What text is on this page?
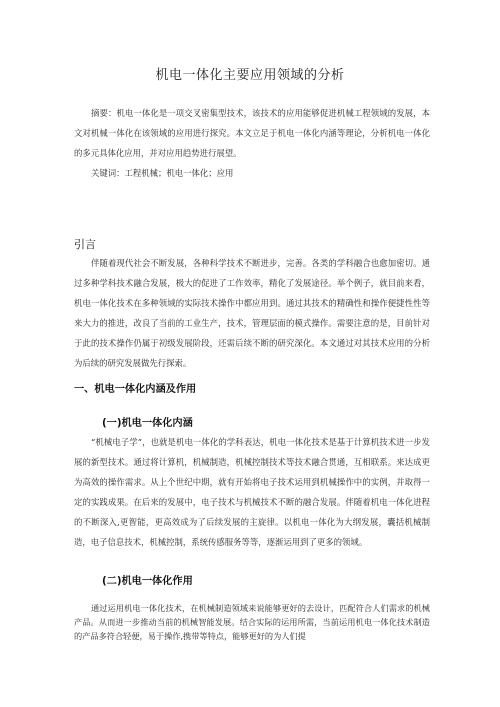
机电一体化主要应用领域的分析

摘要：机电一体化是一项交叉密集型技术，该技术的应用能够促进机械工程领域的发展，本文对机械一体化在该领域的应用进行探究。本文立足于机电一体化内涵等理论，分析机电一体化的多元具体化应用，并对应用趋势进行展望。

关键词：工程机械；机电一体化；应用

引言

伴随着现代社会不断发展，各种科学技术不断进步，完善。各类的学科融合也愈加密切。通过多种学科技术融合发展，极大的促进了工作效率，精化了发展途径。举个例子，就目前来看，机电一体化技术在多种领域的实际技术操作中都应用到。通过其技术的精确性和操作便捷性性等来大力的推进，改良了当前的工业生产，技术，管理层面的模式操作。需要注意的是，目前针对于此的技术操作仍属于初级发展阶段，还需后续不断的研究深化。本文通过对其技术应用的分析为后续的研究发展做先行探索。

一、机电一体化内涵及作用
(一)机电一体化内涵

“机械电子学”，也就是机电一体化的学科表达，机电一体化技术是基于计算机技术进一步发展的新型技术。通过将计算机，机械制造，机械控制技术等技术融合贯通，互相联系。来达成更为高效的操作需求。从上个世纪中期，就有开始将电子技术运用到机械操作中的实例，并取得一定的实践成果。在后来的发展中，电子技术与机械技术不断的融合发展。伴随着机电一体化进程的不断深入,更智能，更高效成为了后续发展的主旋律。以机电一体化为大纲发展，囊括机械制造，电子信息技术，机械控制，系统传感服务等等，逐渐运用到了更多的领域。

(二)机电一体化作用

通过运用机电一体化技术，在机械制造领域来说能够更好的去设计，匹配符合人们需求的机械产品。从而进一步推动当前的机械智能发展。结合实际的运用所需，当前运用机电一体化技术制造的产品多符合轻便，易于操作,携带等特点，能够更好的为人们提
